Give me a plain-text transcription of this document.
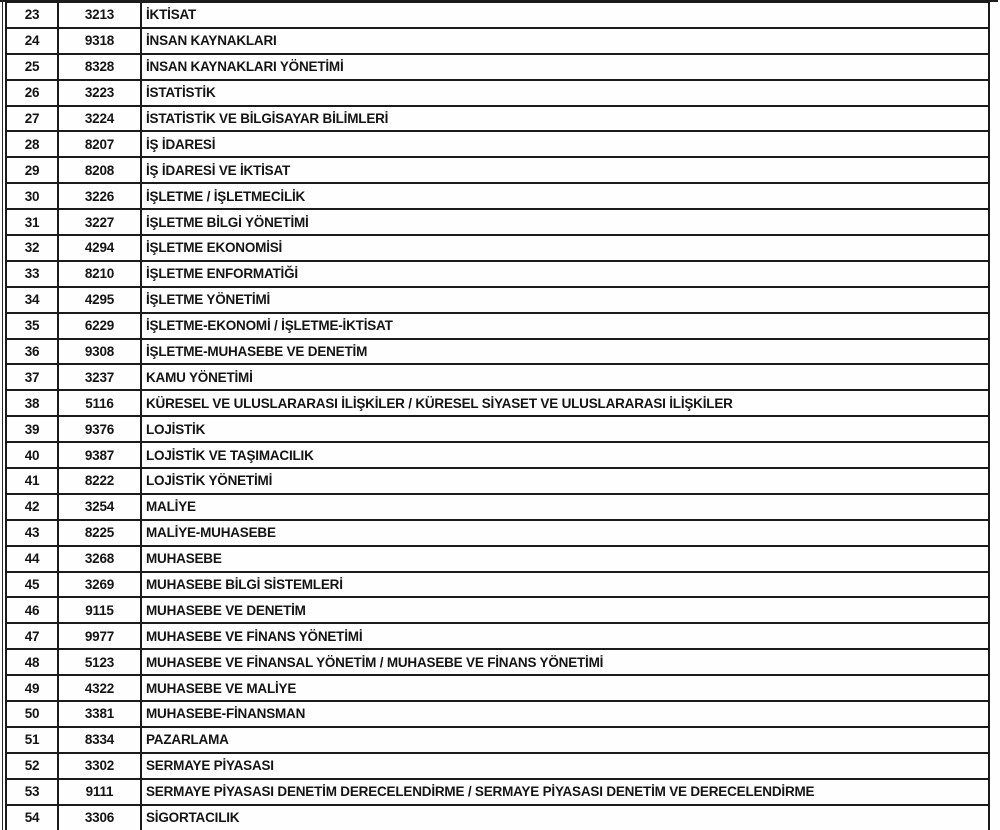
23	3213	İKTİSAT
24	9318	İNSAN KAYNAKLARI
25	8328	İNSAN KAYNAKLARI YÖNETİMİ
26	3223	İSTATİSTİK
27	3224	İSTATİSTİK VE BİLGİSAYAR BİLİMLERİ
28	8207	İŞ İDARESİ
29	8208	İŞ İDARESİ VE İKTİSAT
30	3226	İŞLETME / İŞLETMECİLİK
31	3227	İŞLETME BİLGİ YÖNETİMİ
32	4294	İŞLETME EKONOMİSİ
33	8210	İŞLETME ENFORMATİĞİ
34	4295	İŞLETME YÖNETİMİ
35	6229	İŞLETME-EKONOMİ / İŞLETME-İKTİSAT
36	9308	İŞLETME-MUHASEBE VE DENETİM
37	3237	KAMU YÖNETİMİ
38	5116	KÜRESEL VE ULUSLARARASI İLİŞKİLER / KÜRESEL SİYASET VE ULUSLARARASI İLİŞKİLER
39	9376	LOJİSTİK
40	9387	LOJİSTİK VE TAŞIMACILIK
41	8222	LOJİSTİK YÖNETİMİ
42	3254	MALİYE
43	8225	MALİYE-MUHASEBE
44	3268	MUHASEBE
45	3269	MUHASEBE BİLGİ SİSTEMLERİ
46	9115	MUHASEBE VE DENETİM
47	9977	MUHASEBE VE FİNANS YÖNETİMİ
48	5123	MUHASEBE VE FİNANSAL YÖNETİM / MUHASEBE VE FİNANS YÖNETİMİ
49	4322	MUHASEBE VE MALİYE
50	3381	MUHASEBE-FİNANSMAN
51	8334	PAZARLAMA
52	3302	SERMAYE PİYASASI
53	9111	SERMAYE PİYASASI DENETİM DERECELENDİRME / SERMAYE PİYASASI DENETİM VE DERECELENDİRME
54	3306	SİGORTACILIK
